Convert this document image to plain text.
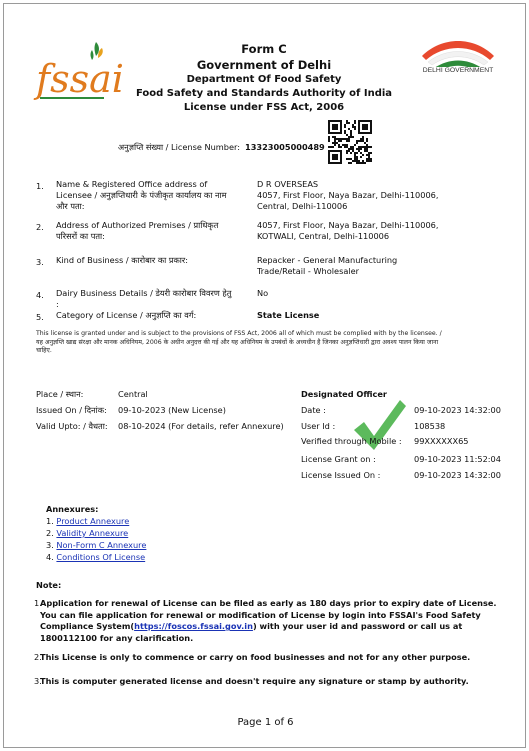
fssai
Form C
Government of Delhi
Department Of Food Safety
Food Safety and Standards Authority of India
License under FSS Act, 2006
DELHI GOVERNMENT
अनुज्ञप्ति संख्या / License Number: 13323005000489
1. Name & Registered Office address of Licensee / अनुज्ञप्तिधारी के पंजीकृत कार्यालय का नाम और पता:
D R OVERSEAS
4057, First Floor, Naya Bazar, Delhi-110006, Central, Delhi-110006
2. Address of Authorized Premises / प्राधिकृत परिसरों का पता:
4057, First Floor, Naya Bazar, Delhi-110006, KOTWALI, Central, Delhi-110006
3. Kind of Business / कारोबार का प्रकार:	Repacker - General Manufacturing
Trade/Retail - Wholesaler
4. Dairy Business Details / डेयरी कारोबार विवरण हेतु :
No
5. Category of License / अनुज्ञप्ति का वर्ग:	State License
This license is granted under and is subject to the provisions of FSS Act, 2006 all of which must be complied with by the licensee. / यह अनुज्ञप्ति खाद्य संरक्षा और मानक अधिनियम, 2006 के अधीन अनुदत्त की गई और यह अधिनियम के उपबंधों के अध्यधीन है जिनका अनुज्ञप्तिधारी द्वारा अवश्य पालन किया जाना चाहिए.
Place / स्थान:	Central
Issued On / दिनांक: 09-10-2023 (New License)
Valid Upto: / वैधता: 08-10-2024 (For details, refer Annexure)
Designated Officer
Date :	09-10-2023 14:32:00
User Id :	108538
Verified through Mobile : 99XXXXXX65
License Grant on :	09-10-2023 11:52:04
License Issued On :	09-10-2023 14:32:00
Annexures:
1. Product Annexure
2. Validity Annexure
3. Non-Form C Annexure
4. Conditions Of License
Note:
1.
Application for renewal of License can be filed as early as 180 days prior to expiry date of License. You can file application for renewal or modification of License by login into FSSAI's Food Safety Compliance System(https://foscos.fssai.gov.in) with your user id and password or call us at 1800112100 for any clarification.
2.
This License is only to commence or carry on food businesses and not for any other purpose.
3.
This is computer generated license and doesn't require any signature or stamp by authority.
Page 1 of 6
